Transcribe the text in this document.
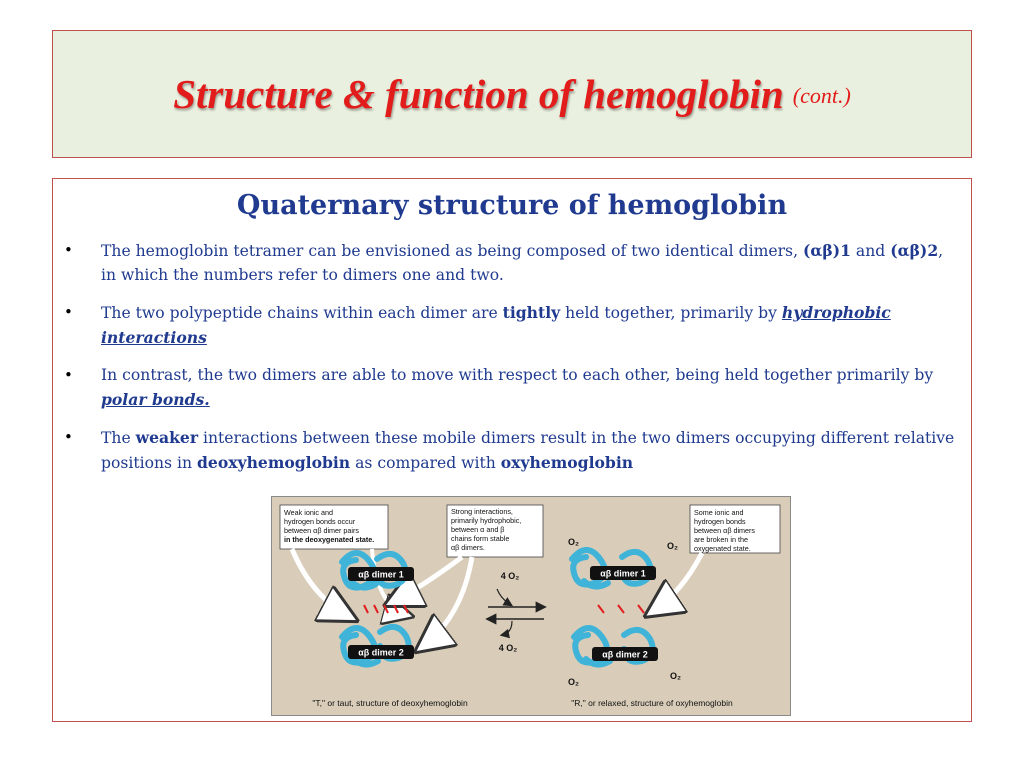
Structure & function of hemoglobin (cont.)
Quaternary structure of hemoglobin
• The hemoglobin tetramer can be envisioned as being composed of two identical dimers, (αβ)1 and (αβ)2, in which the numbers refer to dimers one and two.
• The two polypeptide chains within each dimer are tightly held together, primarily by hydrophobic interactions
• In contrast, the two dimers are able to move with respect to each other, being held together primarily by polar bonds.
• The weaker interactions between these mobile dimers result in the two dimers occupying different relative positions in deoxyhemoglobin as compared with oxyhemoglobin
Weak ionic and hydrogen bonds occur between αβ dimer pairs in the deoxygenated state.
Strong interactions, primarily hydrophobic, between α and β chains form stable αβ dimers.
Some ionic and hydrogen bonds between αβ dimers are broken in the oxygenated state.
αβ dimer 1
αβ dimer 2
4 O₂
4 O₂
αβ dimer 1
αβ dimer 2
O₂	O₂
O₂
O₂
"T," or taut, structure of deoxyhemoglobin	"R," or relaxed, structure of oxyhemoglobin
